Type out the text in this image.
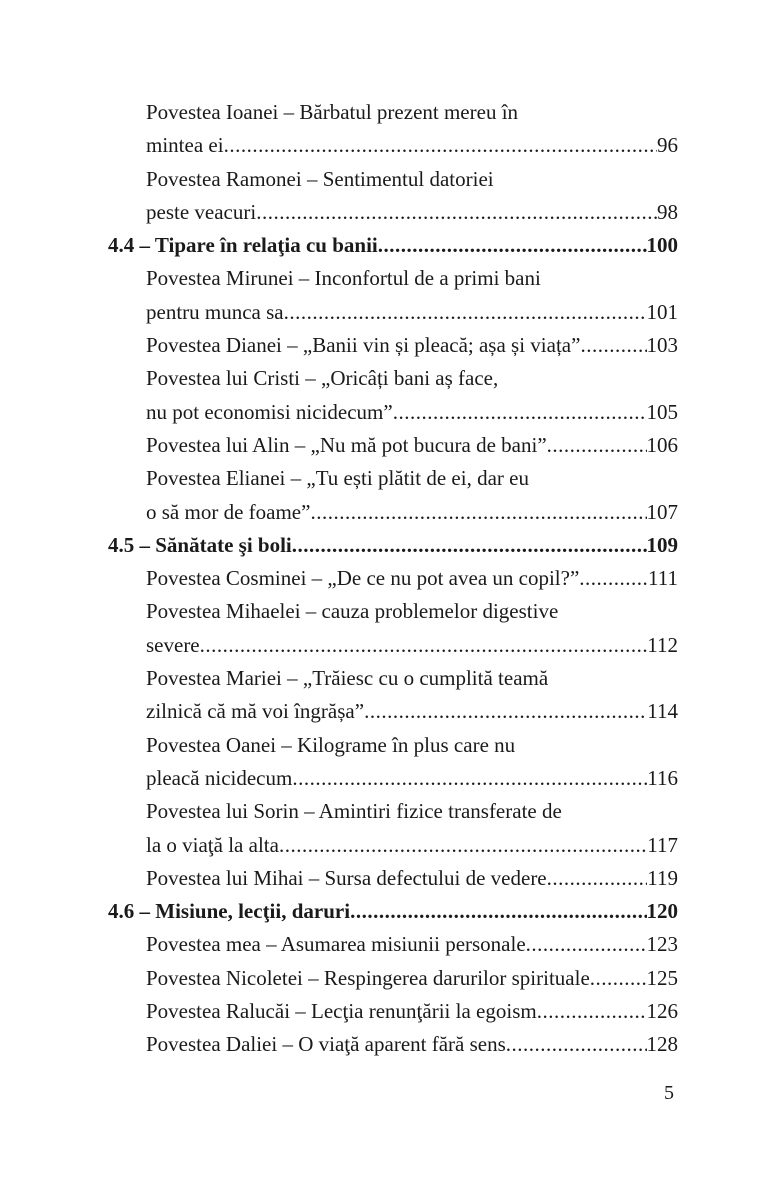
Povestea Ioanei – Bărbatul prezent mereu în
mintea ei .....	96
Povestea Ramonei – Sentimentul datoriei
peste veacuri .....	98
4.4 – Tipare în relaţia cu banii .....	100
Povestea Mirunei – Inconfortul de a primi bani
pentru munca sa .....	101
Povestea Dianei – „Banii vin și pleacă; așa și viața” .....	103
Povestea lui Cristi – „Oricâți bani aș face,
nu pot economisi nicidecum” .....	105
Povestea lui Alin – „Nu mă pot bucura de bani” .....	106
Povestea Elianei – „Tu ești plătit de ei, dar eu
o să mor de foame” .....	107
4.5 – Sănătate şi boli .....	109
Povestea Cosminei – „De ce nu pot avea un copil?” .....	111
Povestea Mihaelei – cauza problemelor digestive
severe .....	112
Povestea Mariei – „Trăiesc cu o cumplită teamă
zilnică că mă voi îngrășa” .....	114
Povestea Oanei – Kilograme în plus care nu
pleacă nicidecum .....	116
Povestea lui Sorin – Amintiri fizice transferate de
la o viaţă la alta .....	117
Povestea lui Mihai – Sursa defectului de vedere .....	119
4.6 – Misiune, lecţii, daruri .....	120
Povestea mea – Asumarea misiunii personale .....	123
Povestea Nicoletei – Respingerea darurilor spirituale .....	125
Povestea Ralucăi – Lecţia renunţării la egoism .....	126
Povestea Daliei – O viaţă aparent fără sens .....	128
5
